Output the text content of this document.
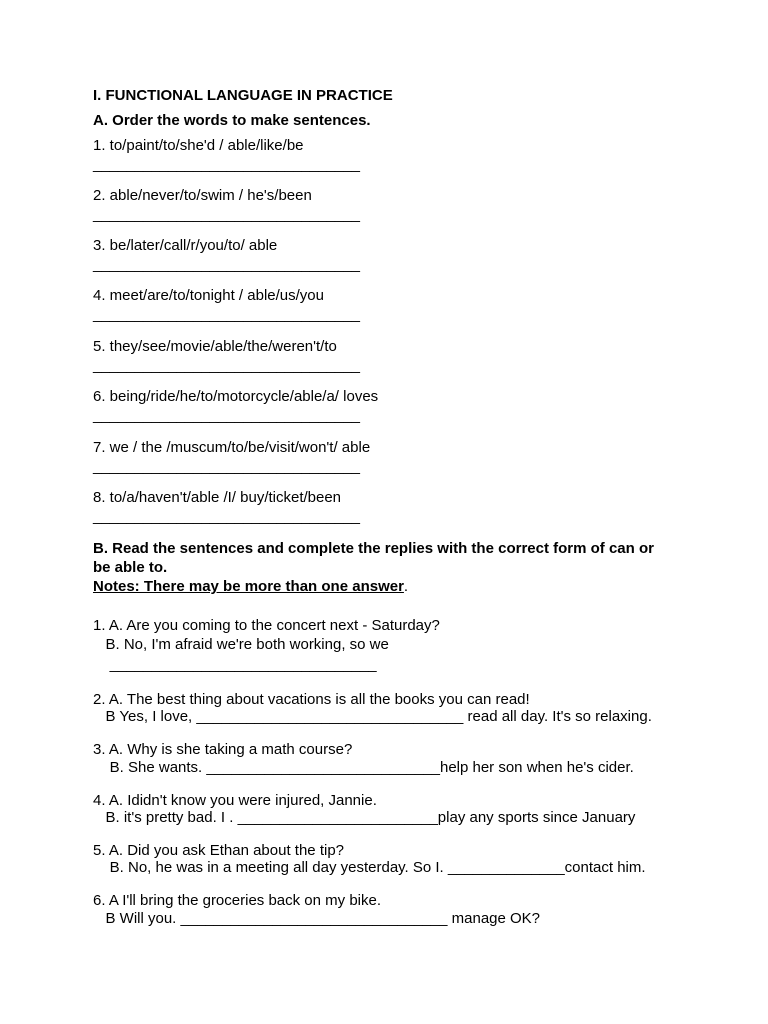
I. FUNCTIONAL LANGUAGE IN PRACTICE
A. Order the words to make sentences.
1. to/paint/to/she'd / able/like/be
________________________________
2. able/never/to/swim / he's/been
________________________________
3. be/later/call/r/you/to/ able
________________________________
4. meet/are/to/tonight / able/us/you
________________________________
5. they/see/movie/able/the/weren't/to
________________________________
6. being/ride/he/to/motorcycle/able/a/ loves
________________________________
7. we / the /muscum/to/be/visit/won't/ able
________________________________
8. to/a/haven't/able /I/ buy/ticket/been
________________________________
B. Read the sentences and complete the replies with the correct form of can or
be able to.
Notes: There may be more than one answer.
1. A. Are you coming to the concert next - Saturday?
B. No, I'm afraid we're both working, so we
________________________________
2. A. The best thing about vacations is all the books you can read!
B Yes, I love, ________________________________ read all day. It's so relaxing.
3. A. Why is she taking a math course?
B. She wants. ____________________________help her son when he's cider.
4. A. Ididn't know you were injured, Jannie.
B. it's pretty bad. I . ________________________play any sports since January
5. A. Did you ask Ethan about the tip?
B. No, he was in a meeting all day yesterday. So I. ______________contact him.
6. A I'll bring the groceries back on my bike.
B Will you. ________________________________ manage OK?
